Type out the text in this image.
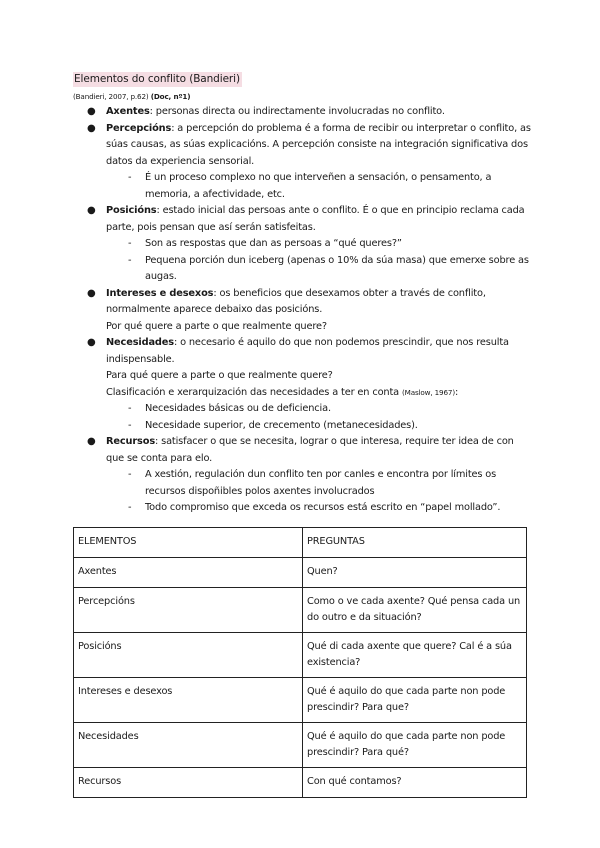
Elementos do conflito (Bandieri)
(Bandieri, 2007, p.62) (Doc, nº1)
● Axentes: personas directa ou indirectamente involucradas no conflito.
● Percepcións: a percepción do problema é a forma de recibir ou interpretar o conflito, as súas causas, as súas explicacións. A percepción consiste na integración significativa dos datos da experiencia sensorial.
- É un proceso complexo no que interveñen a sensación, o pensamento, a memoria, a afectividade, etc.
● Posicións: estado inicial das persoas ante o conflito. É o que en principio reclama cada parte, pois pensan que así serán satisfeitas.
- Son as respostas que dan as persoas a “qué queres?”
- Pequena porción dun iceberg (apenas o 10% da súa masa) que emerxe sobre as augas.
● Intereses e desexos: os beneficios que desexamos obter a través de conflito, normalmente aparece debaixo das posicións.
Por qué quere a parte o que realmente quere?
● Necesidades: o necesario é aquilo do que non podemos prescindir, que nos resulta indispensable.
Para qué quere a parte o que realmente quere?
Clasificación e xerarquización das necesidades a ter en conta (Maslow, 1967):
- Necesidades básicas ou de deficiencia.
- Necesidade superior, de crecemento (metanecesidades).
● Recursos: satisfacer o que se necesita, lograr o que interesa, require ter idea de con que se conta para elo.
- A xestión, regulación dun conflito ten por canles e encontra por límites os recursos dispoñibles polos axentes involucrados
- Todo compromiso que exceda os recursos está escrito en “papel mollado”.
ELEMENTOS	PREGUNTAS
Axentes	Quen?
Percepcións	Como o ve cada axente? Qué pensa cada un do outro e da situación?
Posicións	Qué di cada axente que quere? Cal é a súa existencia?
Intereses e desexos	Qué é aquilo do que cada parte non pode prescindir? Para que?
Necesidades	Qué é aquilo do que cada parte non pode prescindir? Para qué?
Recursos	Con qué contamos?
